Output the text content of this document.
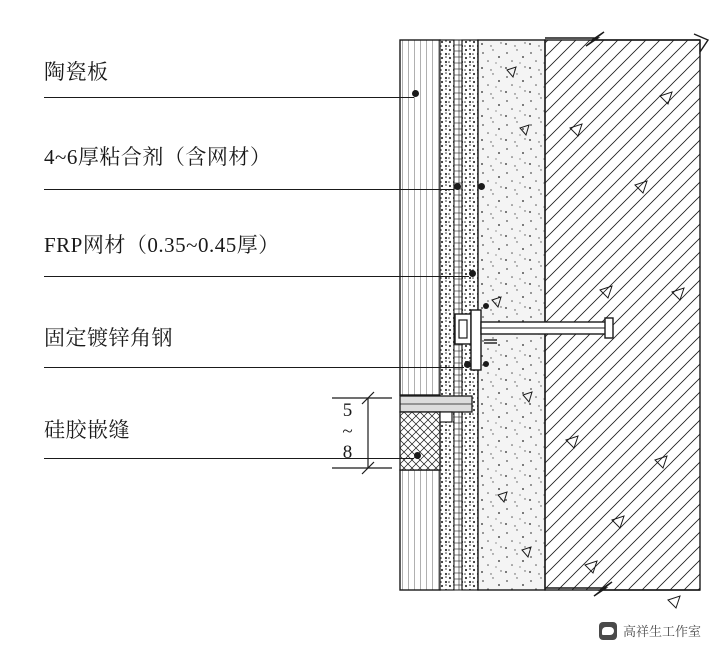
陶瓷板
4~6厚粘合剂（含网材）
FRP网材（0.35~0.45厚）
固定镀锌角钢
硅胶嵌缝	5~8
高祥生工作室
